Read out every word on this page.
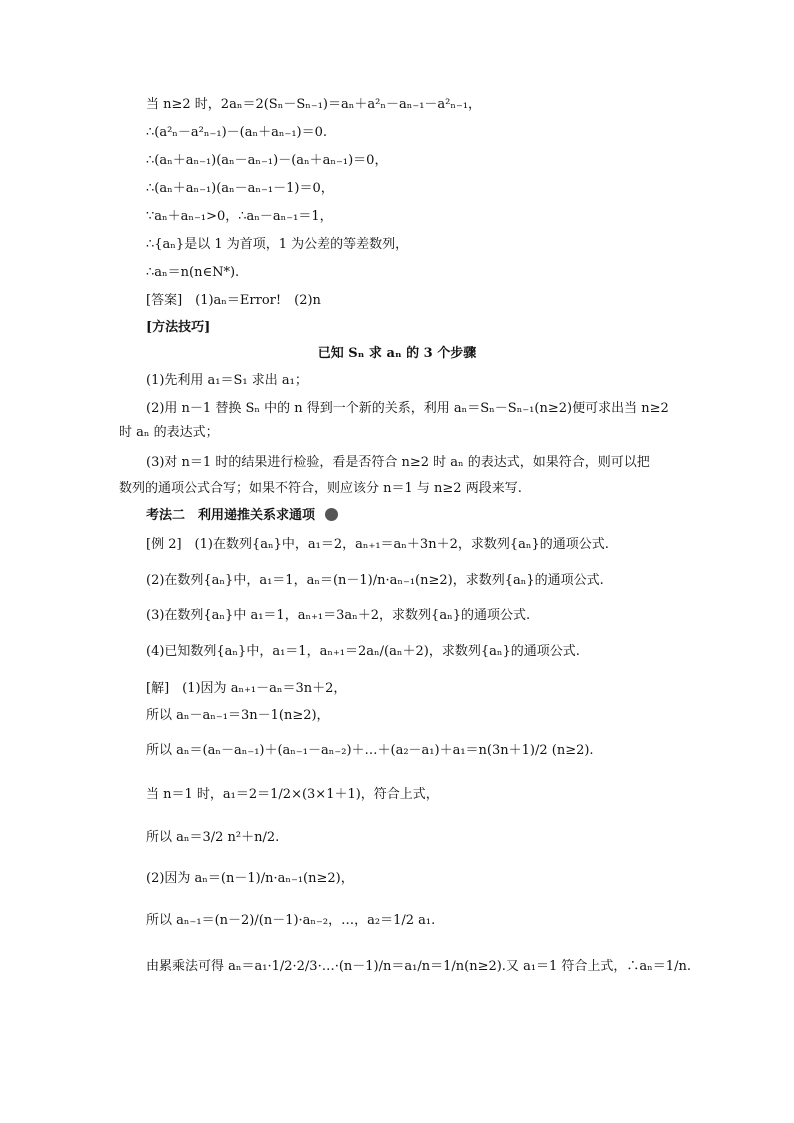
当 n≥2 时，2aₙ＝2(Sₙ－Sₙ₋₁)＝aₙ＋a²ₙ－aₙ₋₁－a²ₙ₋₁，
∴(a²ₙ－a²ₙ₋₁)－(aₙ＋aₙ₋₁)＝0.
∴(aₙ＋aₙ₋₁)(aₙ－aₙ₋₁)－(aₙ＋aₙ₋₁)＝0，
∴(aₙ＋aₙ₋₁)(aₙ－aₙ₋₁－1)＝0，
∵aₙ＋aₙ₋₁>0，∴aₙ－aₙ₋₁＝1，
∴{aₙ}是以 1 为首项，1 为公差的等差数列，
∴aₙ＝n(n∈N*).
[答案]　(1)aₙ＝Error!　(2)n
[方法技巧]
已知 Sₙ 求 aₙ 的 3 个步骤
(1)先利用 a₁＝S₁ 求出 a₁；
(2)用 n－1 替换 Sₙ 中的 n 得到一个新的关系，利用 aₙ＝Sₙ－Sₙ₋₁(n≥2)便可求出当 n≥2
时 aₙ 的表达式；
(3)对 n＝1 时的结果进行检验，看是否符合 n≥2 时 aₙ 的表达式，如果符合，则可以把
数列的通项公式合写；如果不符合，则应该分 n＝1 与 n≥2 两段来写.
考法二　利用递推关系求通项
[例 2]　(1)在数列{aₙ}中，a₁＝2，aₙ₊₁＝aₙ＋3n＋2，求数列{aₙ}的通项公式.
(2)在数列{aₙ}中，a₁＝1，aₙ＝(n－1)/n·aₙ₋₁(n≥2)，求数列{aₙ}的通项公式.
(3)在数列{aₙ}中 a₁＝1，aₙ₊₁＝3aₙ＋2，求数列{aₙ}的通项公式.
(4)已知数列{aₙ}中，a₁＝1，aₙ₊₁＝2aₙ/(aₙ＋2)，求数列{aₙ}的通项公式.
[解]　(1)因为 aₙ₊₁－aₙ＝3n＋2，
所以 aₙ－aₙ₋₁＝3n－1(n≥2)，
所以 aₙ＝(aₙ－aₙ₋₁)＋(aₙ₋₁－aₙ₋₂)＋…＋(a₂－a₁)＋a₁＝n(3n＋1)/2 (n≥2).
当 n＝1 时，a₁＝2＝1/2×(3×1＋1)，符合上式，
所以 aₙ＝3/2 n²＋n/2.
(2)因为 aₙ＝(n－1)/n·aₙ₋₁(n≥2)，
所以 aₙ₋₁＝(n－2)/(n－1)·aₙ₋₂，…，a₂＝1/2 a₁.
由累乘法可得 aₙ＝a₁·1/2·2/3·…·(n－1)/n＝a₁/n＝1/n(n≥2).又 a₁＝1 符合上式，∴aₙ＝1/n.
